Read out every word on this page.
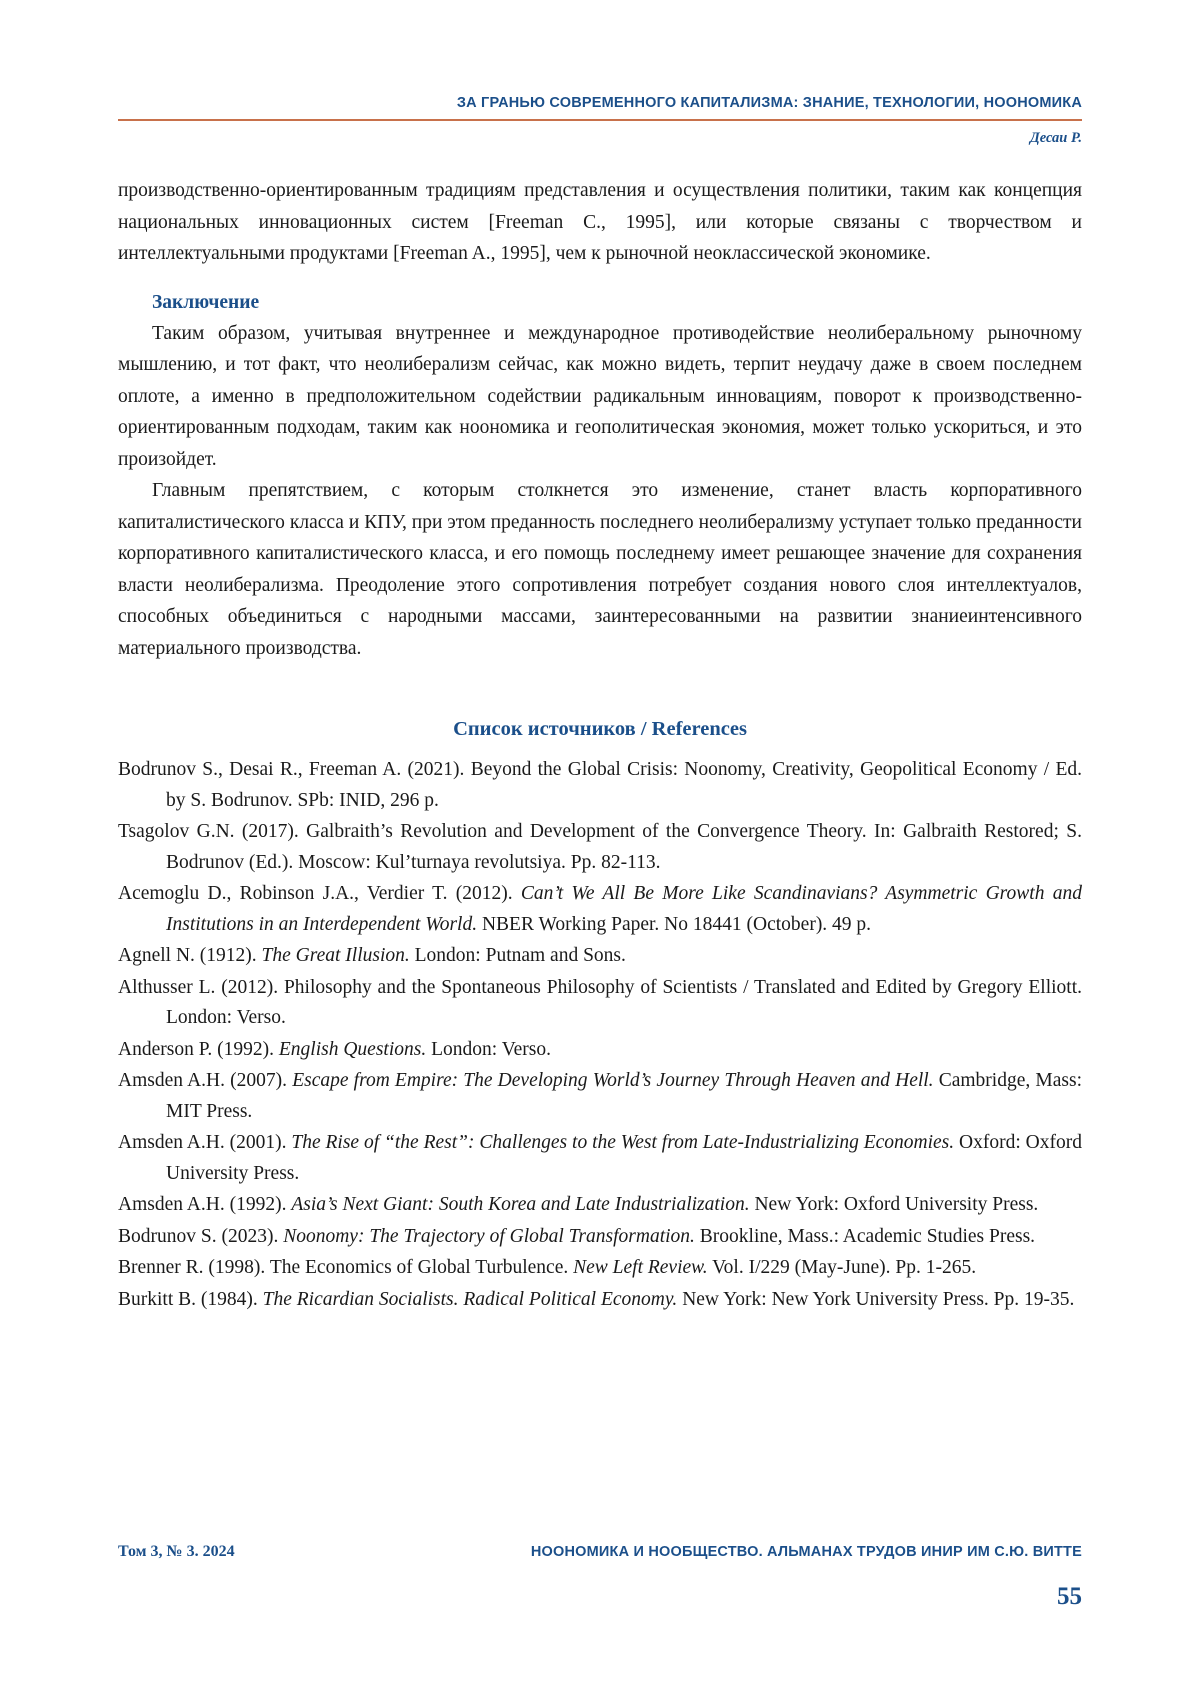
ЗА ГРАНЬЮ СОВРЕМЕННОГО КАПИТАЛИЗМА: ЗНАНИЕ, ТЕХНОЛОГИИ, НООНОМИКА
Десаи Р.

производственно-ориентированным традициям представления и осуществления политики, таким как концепция национальных инновационных систем [Freeman C., 1995], или которые связаны с творчеством и интеллектуальными продуктами [Freeman A., 1995], чем к рыночной неоклассической экономике.

Заключение

Таким образом, учитывая внутреннее и международное противодействие неолиберальному рыночному мышлению, и тот факт, что неолиберализм сейчас, как можно видеть, терпит неудачу даже в своем последнем оплоте, а именно в предположительном содействии радикальным инновациям, поворот к производственно-ориентированным подходам, таким как ноономика и геополитическая экономия, может только ускориться, и это произойдет.

Главным препятствием, с которым столкнется это изменение, станет власть корпоративного капиталистического класса и КПУ, при этом преданность последнего неолиберализму уступает только преданности корпоративного капиталистического класса, и его помощь последнему имеет решающее значение для сохранения власти неолиберализма. Преодоление этого сопротивления потребует создания нового слоя интеллектуалов, способных объединиться с народными массами, заинтересованными на развитии знаниеинтенсивного материального производства.

Список источников / References

Bodrunov S., Desai R., Freeman A. (2021). Beyond the Global Crisis: Noonomy, Creativity, Geopolitical Economy / Ed. by S. Bodrunov. SPb: INID, 296 p.

Tsagolov G.N. (2017). Galbraith’s Revolution and Development of the Convergence Theory. In: Galbraith Restored; S. Bodrunov (Ed.). Moscow: Kul’turnaya revolutsiya. Pp. 82-113.

Acemoglu D., Robinson J.A., Verdier T. (2012). Can’t We All Be More Like Scandinavians? Asymmetric Growth and Institutions in an Interdependent World. NBER Working Paper. No 18441 (October). 49 p.

Agnell N. (1912). The Great Illusion. London: Putnam and Sons.

Althusser L. (2012). Philosophy and the Spontaneous Philosophy of Scientists / Translated and Edited by Gregory Elliott. London: Verso.

Anderson P. (1992). English Questions. London: Verso.

Amsden A.H. (2007). Escape from Empire: The Developing World’s Journey Through Heaven and Hell. Cambridge, Mass: MIT Press.

Amsden A.H. (2001). The Rise of “the Rest”: Challenges to the West from Late-Industrializing Economies. Oxford: Oxford University Press.

Amsden A.H. (1992). Asia’s Next Giant: South Korea and Late Industrialization. New York: Oxford University Press.

Bodrunov S. (2023). Noonomy: The Trajectory of Global Transformation. Brookline, Mass.: Academic Studies Press.

Brenner R. (1998). The Economics of Global Turbulence. New Left Review. Vol. I/229 (May-June). Pp. 1-265.

Burkitt B. (1984). The Ricardian Socialists. Radical Political Economy. New York: New York University Press. Pp. 19-35.

Том 3, № 3. 2024	НООНОМИКА И НООБЩЕСТВО. АЛЬМАНАХ ТРУДОВ ИНИР ИМ С.Ю. ВИТТЕ
55
